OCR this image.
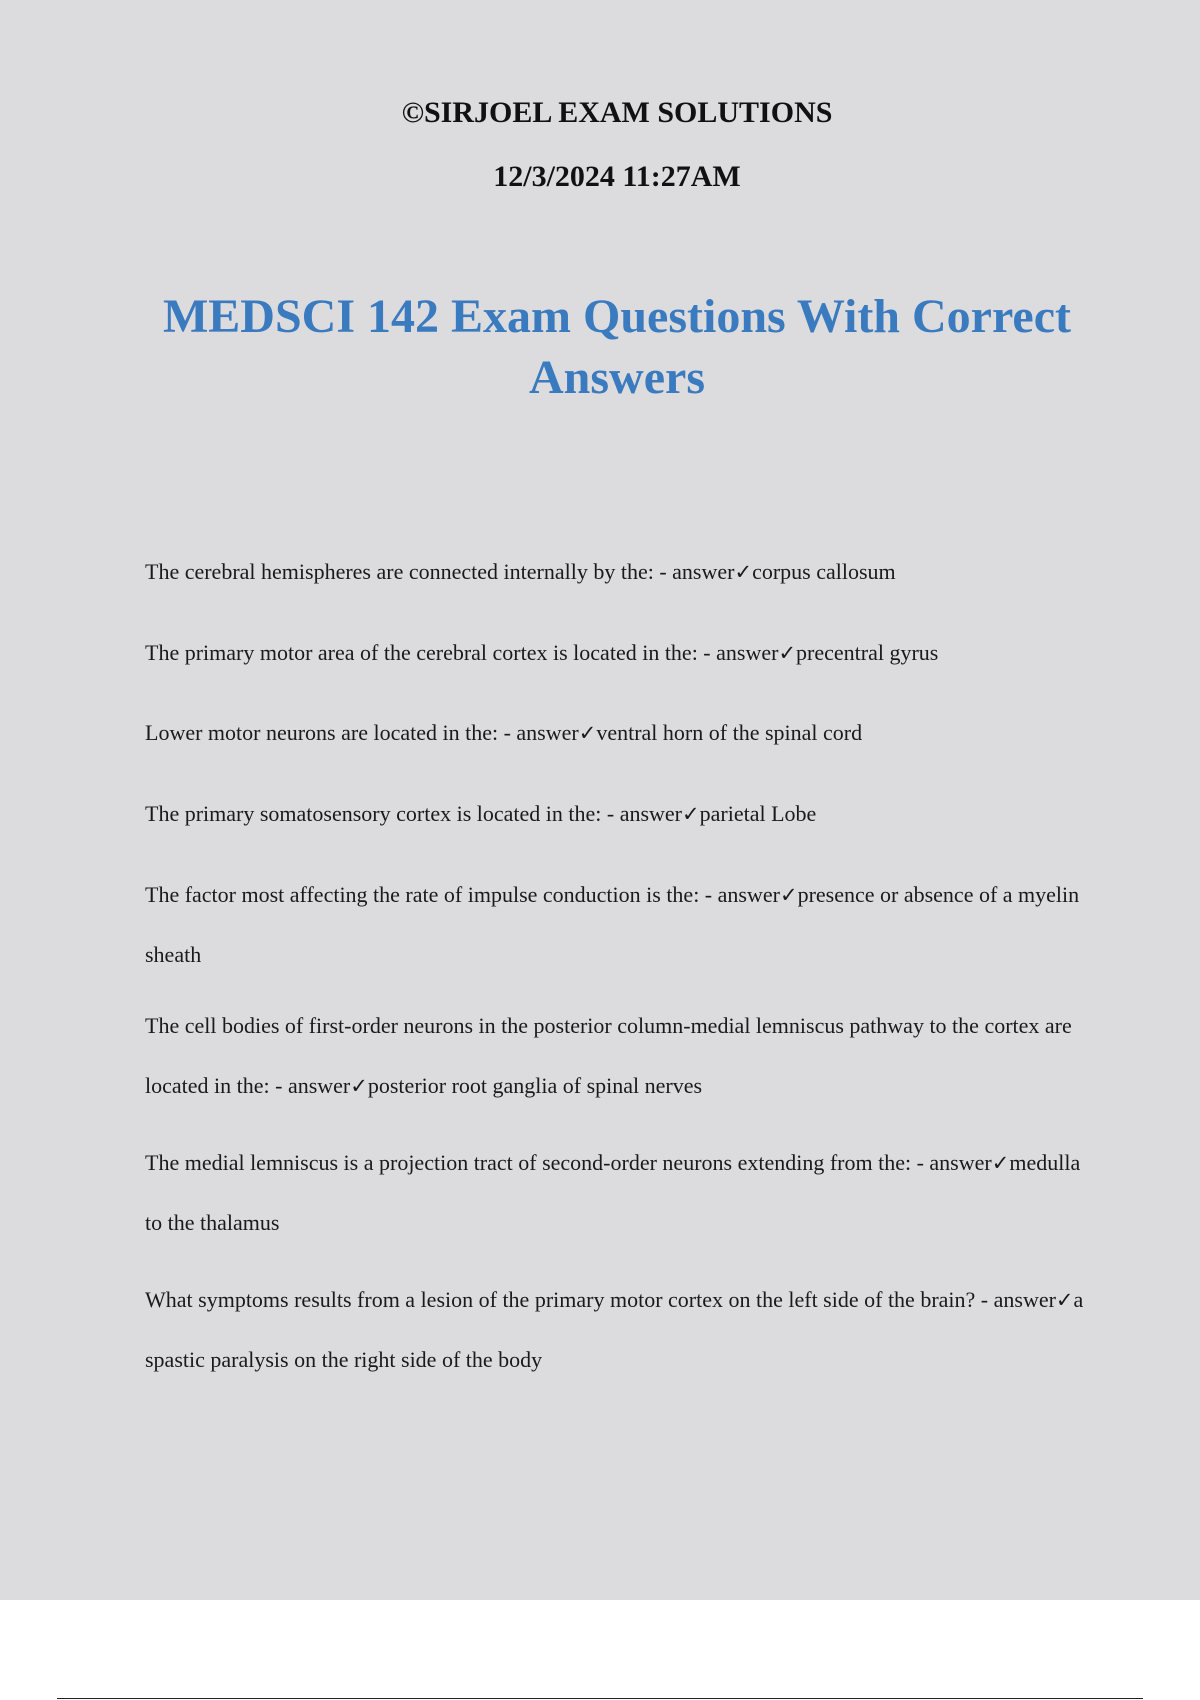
©SIRJOEL EXAM SOLUTIONS
12/3/2024 11:27AM
MEDSCI 142 Exam Questions With Correct Answers

The cerebral hemispheres are connected internally by the: - answer✓corpus callosum

The primary motor area of the cerebral cortex is located in the: - answer✓precentral gyrus

Lower motor neurons are located in the: - answer✓ventral horn of the spinal cord

The primary somatosensory cortex is located in the: - answer✓parietal Lobe

The factor most affecting the rate of impulse conduction is the: - answer✓presence or absence of a myelin sheath

The cell bodies of first-order neurons in the posterior column-medial lemniscus pathway to the cortex are located in the: - answer✓posterior root ganglia of spinal nerves

The medial lemniscus is a projection tract of second-order neurons extending from the: - answer✓medulla to the thalamus

What symptoms results from a lesion of the primary motor cortex on the left side of the brain? - answer✓a spastic paralysis on the right side of the body
